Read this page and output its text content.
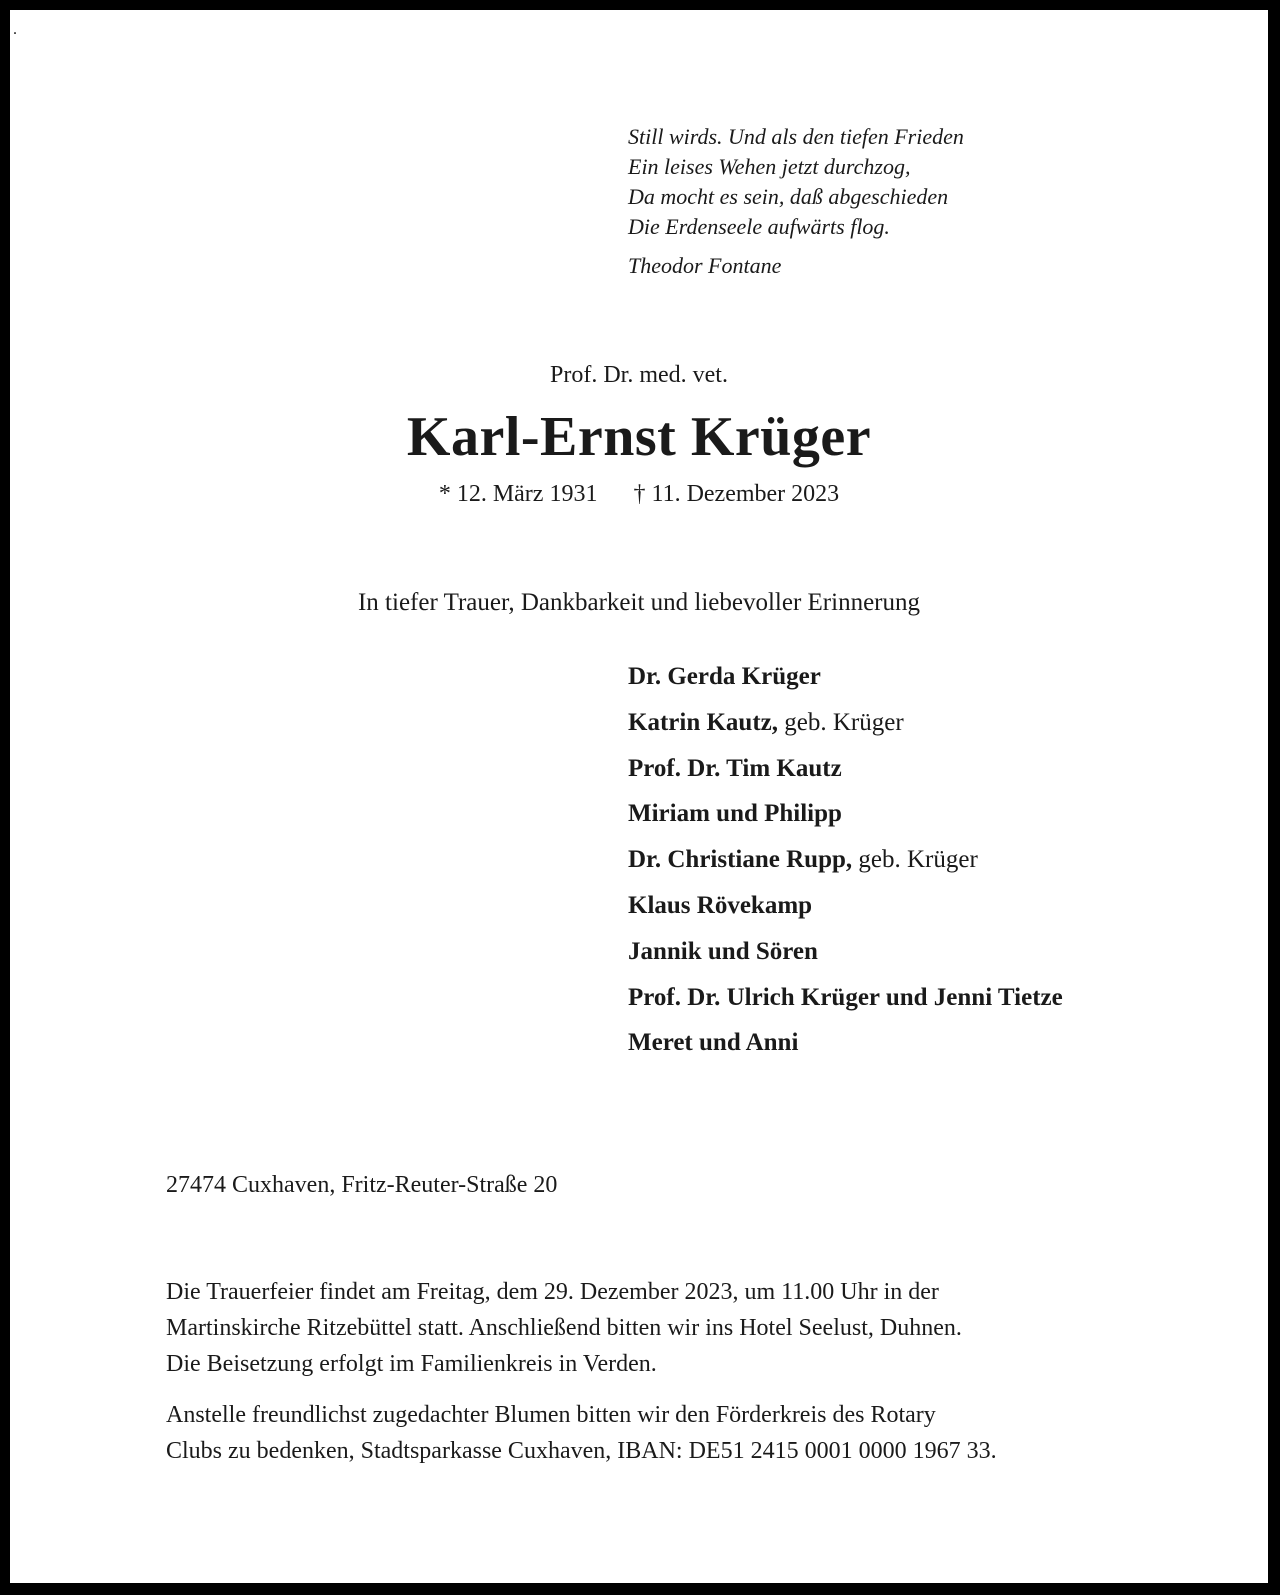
.
Still wirds. Und als den tiefen Frieden
Ein leises Wehen jetzt durchzog,
Da mocht es sein, daß abgeschieden
Die Erdenseele aufwärts flog.
Theodor Fontane
Prof. Dr. med. vet.
Karl-Ernst Krüger
* 12. März 1931 † 11. Dezember 2023
In tiefer Trauer, Dankbarkeit und liebevoller Erinnerung
Dr. Gerda Krüger
Katrin Kautz, geb. Krüger
Prof. Dr. Tim Kautz
Miriam und Philipp
Dr. Christiane Rupp, geb. Krüger
Klaus Rövekamp
Jannik und Sören
Prof. Dr. Ulrich Krüger und Jenni Tietze
Meret und Anni
27474 Cuxhaven, Fritz-Reuter-Straße 20
Die Trauerfeier findet am Freitag, dem 29. Dezember 2023, um 11.00 Uhr in der
Martinskirche Ritzebüttel statt. Anschließend bitten wir ins Hotel Seelust, Duhnen.
Die Beisetzung erfolgt im Familienkreis in Verden.
Anstelle freundlichst zugedachter Blumen bitten wir den Förderkreis des Rotary
Clubs zu bedenken, Stadtsparkasse Cuxhaven, IBAN: DE51 2415 0001 0000 1967 33.
